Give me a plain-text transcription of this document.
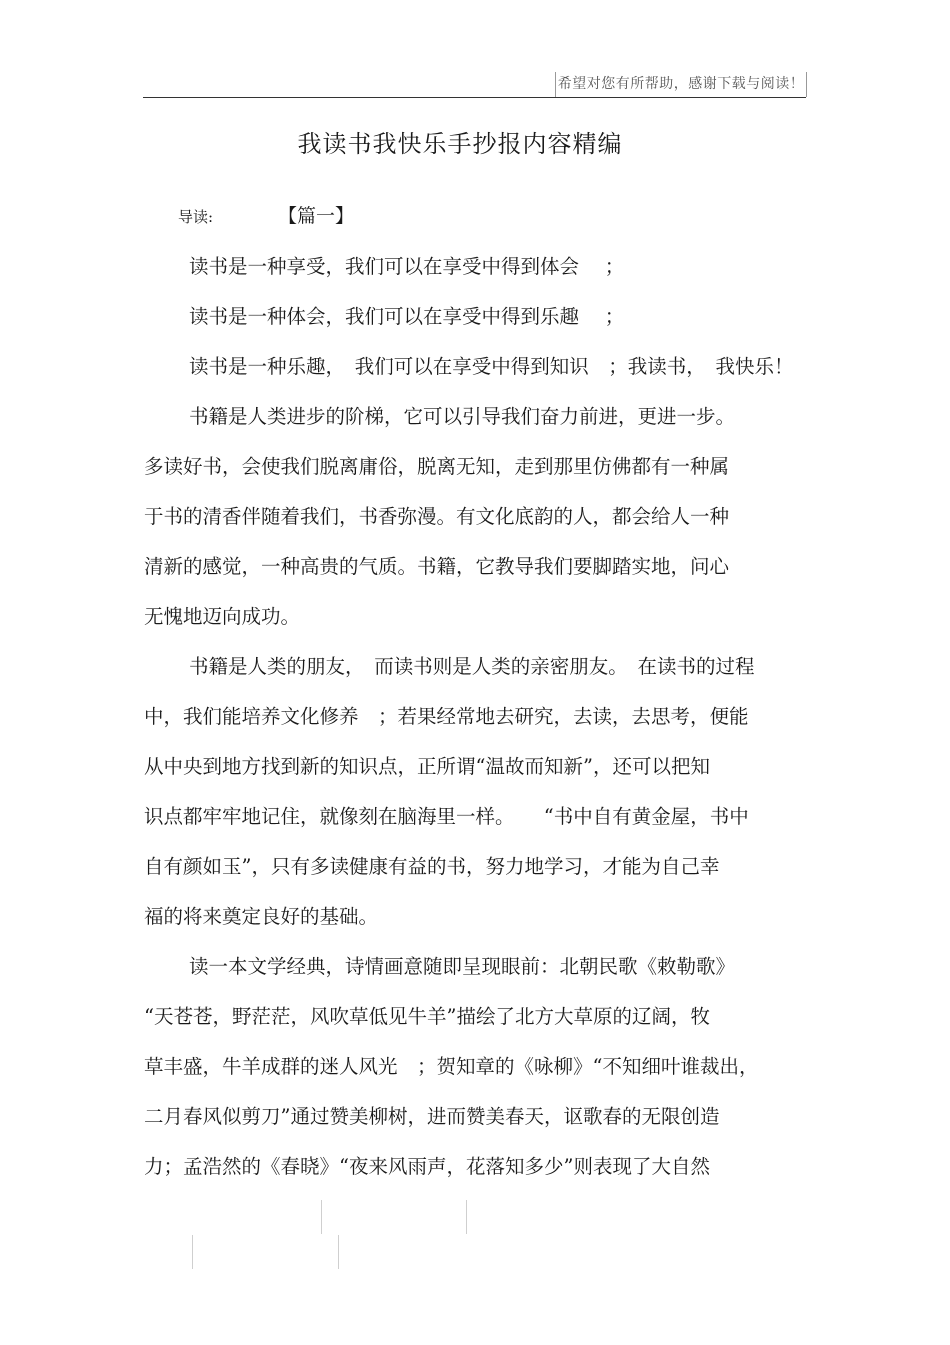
希望对您有所帮助，感谢下载与阅读！
我读书我快乐手抄报内容精编
导读:	【篇一】
读书是一种享受，我们可以在享受中得到体会　 ；
读书是一种体会，我们可以在享受中得到乐趣　 ；
读书是一种乐趣，　我们可以在享受中得到知识　；我读书，　我快乐！
书籍是人类进步的阶梯，它可以引导我们奋力前进，更进一步。
多读好书，会使我们脱离庸俗，脱离无知，走到那里仿佛都有一种属
于书的清香伴随着我们，书香弥漫。有文化底韵的人，都会给人一种
清新的感觉，一种高贵的气质。书籍，它教导我们要脚踏实地，问心
无愧地迈向成功。
书籍是人类的朋友，　而读书则是人类的亲密朋友。　在读书的过程
中，我们能培养文化修养　；若果经常地去研究，去读，去思考，便能
从中央到地方找到新的知识点，正所谓“温故而知新”，还可以把知
识点都牢牢地记住，就像刻在脑海里一样。　　“书中自有黄金屋，书中
自有颜如玉”，只有多读健康有益的书，努力地学习，才能为自己幸
福的将来奠定良好的基础。
读一本文学经典，诗情画意随即呈现眼前：北朝民歌《敕勒歌》
“天苍苍，野茫茫，风吹草低见牛羊”描绘了北方大草原的辽阔，牧
草丰盛，牛羊成群的迷人风光　；贺知章的《咏柳》“不知细叶谁裁出，
二月春风似剪刀”通过赞美柳树，进而赞美春天，讴歌春的无限创造
力；孟浩然的《春晓》“夜来风雨声，花落知多少”则表现了大自然
